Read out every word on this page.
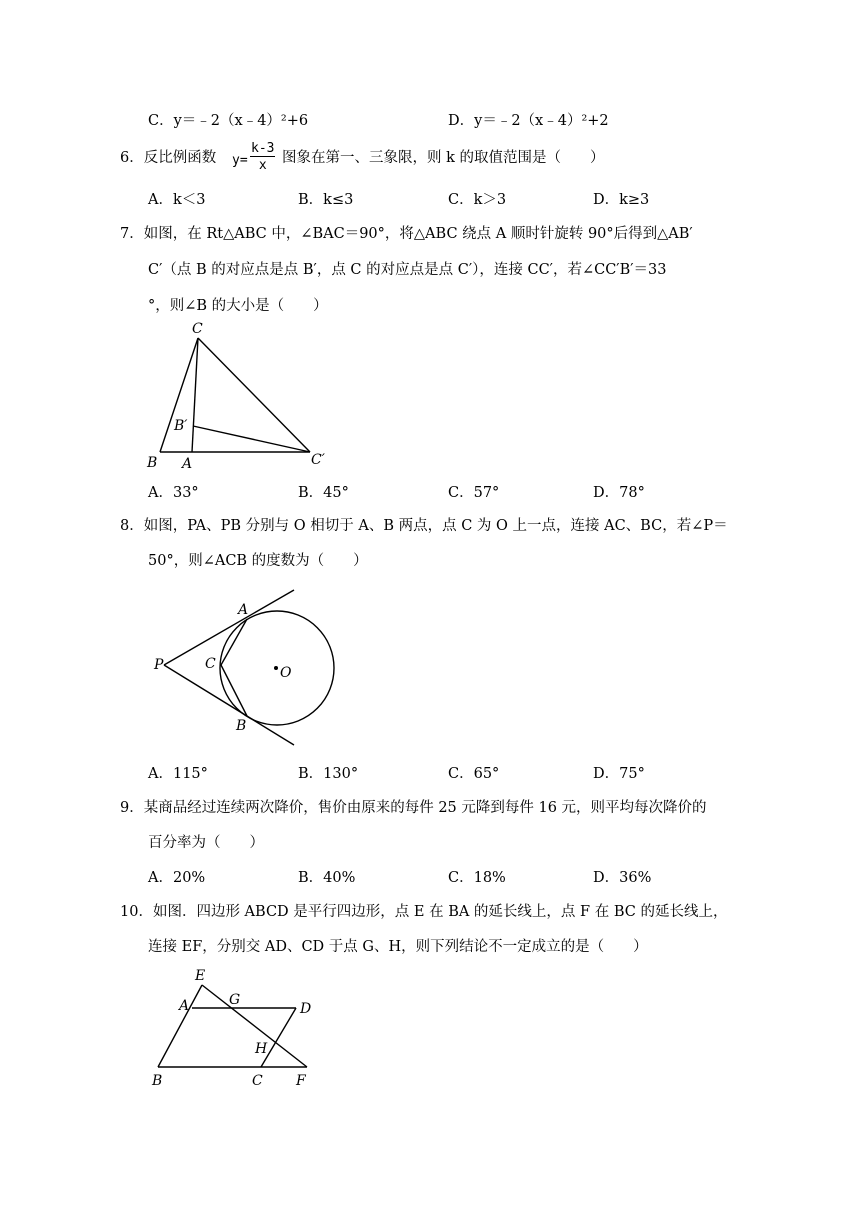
C．y＝﹣2（x﹣4）²+6	D．y＝﹣2（x﹣4）²+2
6．反比例函数 $y= \frac{k-3}{x}$ 图象在第一、三象限，则 k 的取值范围是（　　）
A．k＜3	B．k≤3	C．k＞3	D．k≥3
7．如图，在 Rt△ABC 中，∠BAC＝90°，将△ABC 绕点 A 顺时针旋转 90°后得到△AB′
C′（点 B 的对应点是点 B′，点 C 的对应点是点 C′），连接 CC′，若∠CC′B′＝33
°，则∠B 的大小是（　　）
C
B′
B A	C′
A．33°	B．45°	C．57°	D．78°
8．如图，PA、PB 分别与 O 相切于 A、B 两点，点 C 为 O 上一点，连接 AC、BC，若∠P＝
50°，则∠ACB 的度数为（　　）
A
P	C
O
B
A．115°	B．130°	C．65°	D．75°
9．某商品经过连续两次降价，售价由原来的每件 25 元降到每件 16 元，则平均每次降价的
百分率为（　　）
A．20%	B．40%	C．18%	D．36%
10．如图．四边形 ABCD 是平行四边形，点 E 在 BA 的延长线上，点 F 在 BC 的延长线上，
连接 EF，分别交 AD、CD 于点 G、H，则下列结论不一定成立的是（　　）
E
A	G
D
H
B	C F
